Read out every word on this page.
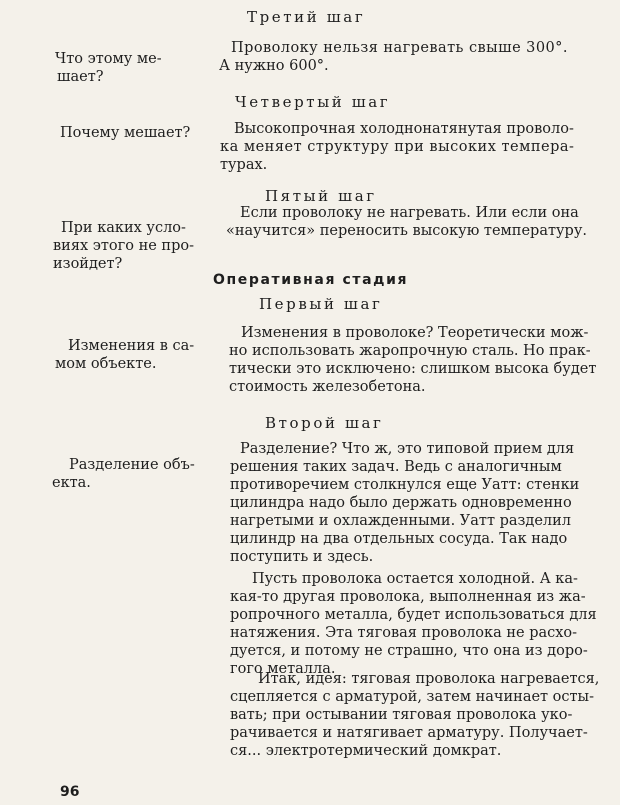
Третий шаг
Что этому ме-
шает?
Проволоку нельзя нагревать свыше 300°.
А нужно 600°.
Четвертый шаг
Почему мешает?	Высокопрочная холоднонатянутая проволо-
ка меняет структуру при высоких темпера-
турах.
Пятый шаг
При каких усло-
виях этого не про-
изойдет?
Если проволоку не нагревать. Или если она
«научится» переносить высокую температуру.
Оперативная стадия
Первый шаг
Изменения в са-
мом объекте.
Изменения в проволоке? Теоретически мож-
но использовать жаропрочную сталь. Но прак-
тически это исключено: слишком высока будет
стоимость железобетона.
Второй шаг
Разделение объ-
екта.
Разделение? Что ж, это типовой прием для
решения таких задач. Ведь с аналогичным
противоречием столкнулся еще Уатт: стенки
цилиндра надо было держать одновременно
нагретыми и охлажденными. Уатт разделил
цилиндр на два отдельных сосуда. Так надо
поступить и здесь.
Пусть проволока остается холодной. А ка-
кая-то другая проволока, выполненная из жа-
ропрочного металла, будет использоваться для
натяжения. Эта тяговая проволока не расхо-
дуется, и потому не страшно, что она из доро-
гого металла.
Итак, идея: тяговая проволока нагревается,
сцепляется с арматурой, затем начинает осты-
вать; при остывании тяговая проволока уко-
рачивается и натягивает арматуру. Получает-
ся... электротермический домкрат.
96
